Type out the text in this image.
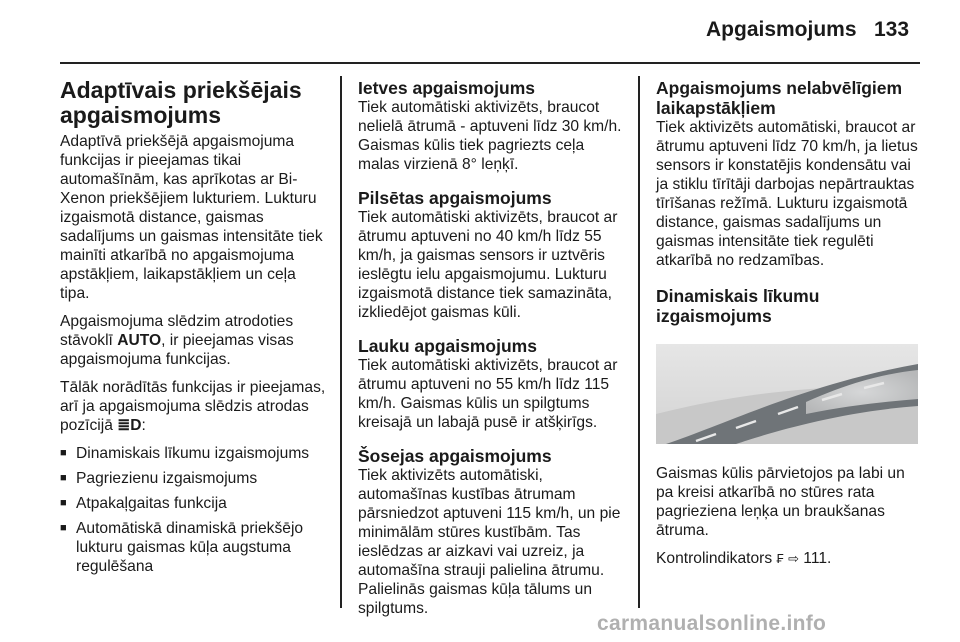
Apgaismojums 133
Adaptīvais priekšējais apgaismojums

Adaptīvā priekšējā apgaismojuma funkcijas ir pieejamas tikai automašīnām, kas aprīkotas ar Bi-Xenon priekšējiem lukturiem. Lukturu izgaismotā distance, gaismas sadalījums un gaismas intensitāte tiek mainīti atkarībā no apgaismojuma apstākļiem, laikapstākļiem un ceļa tipa.

Apgaismojuma slēdzim atrodoties stāvoklī AUTO, ir pieejamas visas apgaismojuma funkcijas.

Tālāk norādītās funkcijas ir pieejamas, arī ja apgaismojuma slēdzis atrodas pozīcijā ≣D:

■ Dinamiskais līkumu izgaismojums
■ Pagriezienu izgaismojums
■ Atpakaļgaitas funkcija
■ Automātiskā dinamiskā priekšējo lukturu gaismas kūļa augstuma regulēšana
Ietves apgaismojums
Tiek automātiski aktivizēts, braucot nelielā ātrumā - aptuveni līdz 30 km/h. Gaismas kūlis tiek pagriezts ceļa malas virzienā 8° leņķī.
Pilsētas apgaismojums
Tiek automātiski aktivizēts, braucot ar ātrumu aptuveni no 40 km/h līdz 55 km/h, ja gaismas sensors ir uztvēris ieslēgtu ielu apgaismojumu. Lukturu izgaismotā distance tiek samazināta, izkliedējot gaismas kūli.
Lauku apgaismojums
Tiek automātiski aktivizēts, braucot ar ātrumu aptuveni no 55 km/h līdz 115 km/h. Gaismas kūlis un spilgtums kreisajā un labajā pusē ir atšķirīgs.
Šosejas apgaismojums
Tiek aktivizēts automātiski, automašīnas kustības ātrumam pārsniedzot aptuveni 115 km/h, un pie minimālām stūres kustībām. Tas ieslēdzas ar aizkavi vai uzreiz, ja automašīna strauji palielina ātrumu. Palielinās gaismas kūļa tālums un spilgtums.
Apgaismojums nelabvēlīgiem laikapstākļiem

Tiek aktivizēts automātiski, braucot ar ātrumu aptuveni līdz 70 km/h, ja lietus sensors ir konstatējis kondensātu vai ja stiklu tīrītāji darbojas nepārtrauktas tīrīšanas režīmā. Lukturu izgaismotā distance, gaismas sadalījums un gaismas intensitāte tiek regulēti atkarībā no redzamības.

Dinamiskais līkumu izgaismojums

Gaismas kūlis pārvietojos pa labi un pa kreisi atkarībā no stūres rata pagrieziena leņķa un braukšanas ātruma.

Kontrolindikators ₣ ⇨ 111.

carmanualsonline.info
